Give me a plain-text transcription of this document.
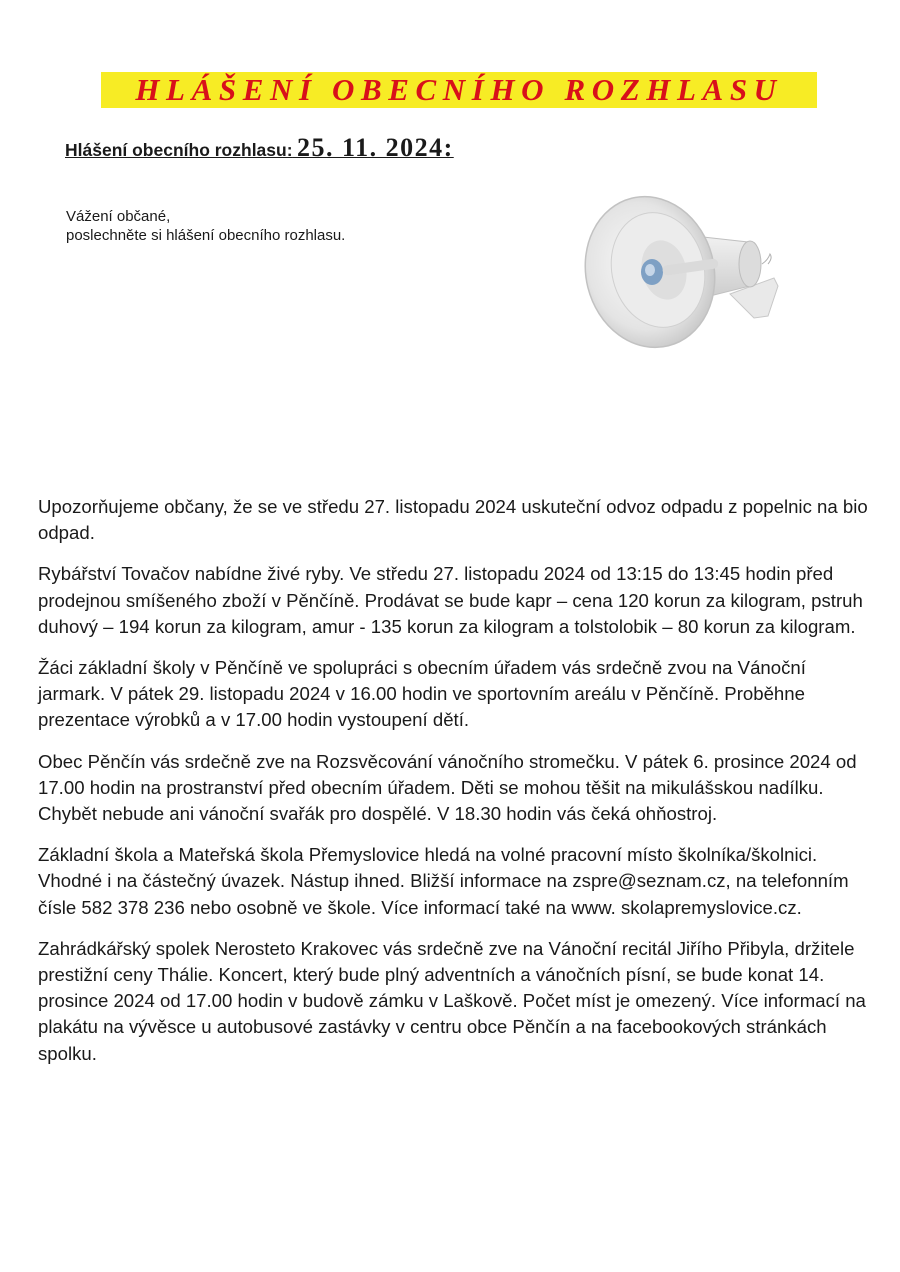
HLÁŠENÍ OBECNÍHO ROZHLASU
Hlášení obecního rozhlasu: 25. 11. 2024:
Vážení občané,
poslechněte si hlášení obecního rozhlasu.

Upozorňujeme občany, že se ve středu 27. listopadu 2024 uskuteční odvoz odpadu z popelnic na bio odpad.

Rybářství Tovačov nabídne živé ryby. Ve středu 27. listopadu 2024 od 13:15 do 13:45 hodin před prodejnou smíšeného zboží v Pěnčíně. Prodávat se bude kapr – cena 120 korun za kilogram, pstruh duhový – 194 korun za kilogram, amur - 135 korun za kilogram a tolstolobik – 80 korun za kilogram.

Žáci základní školy v Pěnčíně ve spolupráci s obecním úřadem vás srdečně zvou na Vánoční jarmark. V pátek 29. listopadu 2024 v 16.00 hodin ve sportovním areálu v Pěnčíně. Proběhne prezentace výrobků a v 17.00 hodin vystoupení dětí.

Obec Pěnčín vás srdečně zve na Rozsvěcování vánočního stromečku. V pátek 6. prosince 2024 od 17.00 hodin na prostranství před obecním úřadem. Děti se mohou těšit na mikulášskou nadílku. Chybět nebude ani vánoční svařák pro dospělé. V 18.30 hodin vás čeká ohňostroj.

Základní škola a Mateřská škola Přemyslovice hledá na volné pracovní místo školníka/školnici. Vhodné i na částečný úvazek. Nástup ihned. Bližší informace na zspre@seznam.cz, na telefonním čísle 582 378 236 nebo osobně ve škole. Více informací také na www. skolapremyslovice.cz.

Zahrádkářský spolek Nerosteto Krakovec vás srdečně zve na Vánoční recitál Jiřího Přibyla, držitele prestižní ceny Thálie. Koncert, který bude plný adventních a vánočních písní, se bude konat 14. prosince 2024 od 17.00 hodin v budově zámku v Laškově. Počet míst je omezený. Více informací na plakátu na vývěsce u autobusové zastávky v centru obce Pěnčín a na facebookových stránkách spolku.
